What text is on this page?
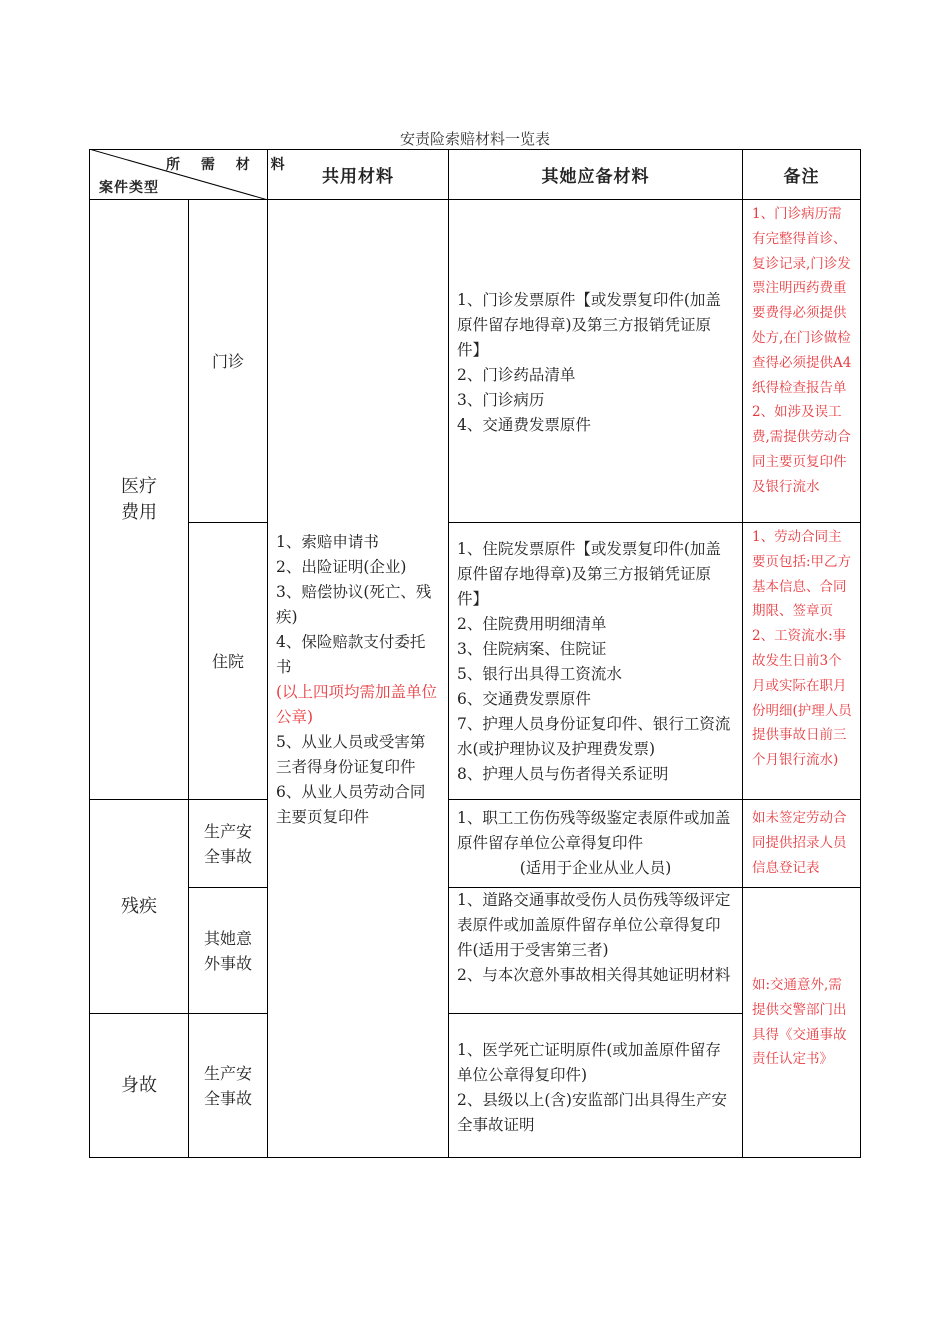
安责险索赔材料一览表
所 需 材 料
案件类型
共用材料	其她应备材料	备注
医疗
费用
残疾
身故
门诊
住院
生产安
全事故
其她意
外事故
生产安
全事故
1、索赔申请书
2、出险证明(企业)
3、赔偿协议(死亡、残疾)
4、保险赔款支付委托书
(以上四项均需加盖单位公章)
5、从业人员或受害第三者得身份证复印件
6、从业人员劳动合同主要页复印件
1、门诊发票原件【或发票复印件(加盖原件留存地得章)及第三方报销凭证原件】
2、门诊药品清单
3、门诊病历
4、交通费发票原件
1、住院发票原件【或发票复印件(加盖原件留存地得章)及第三方报销凭证原件】
2、住院费用明细清单
3、住院病案、住院证
5、银行出具得工资流水
6、交通费发票原件
7、护理人员身份证复印件、银行工资流水(或护理协议及护理费发票)
8、护理人员与伤者得关系证明
1、职工工伤伤残等级鉴定表原件或加盖原件留存单位公章得复印件
(适用于企业从业人员)
1、道路交通事故受伤人员伤残等级评定表原件或加盖原件留存单位公章得复印件(适用于受害第三者)
2、与本次意外事故相关得其她证明材料
1、医学死亡证明原件(或加盖原件留存单位公章得复印件)
2、县级以上(含)安监部门出具得生产安全事故证明
1、门诊病历需有完整得首诊、复诊记录,门诊发票注明西药费重要费得必须提供处方,在门诊做检查得必须提供A4纸得检查报告单
2、如涉及误工费,需提供劳动合同主要页复印件及银行流水
1、劳动合同主要页包括:甲乙方基本信息、合同期限、签章页
2、工资流水:事故发生日前3个月或实际在职月份明细(护理人员提供事故日前三个月银行流水)
如未签定劳动合同提供招录人员信息登记表
如:交通意外,需提供交警部门出具得《交通事故责任认定书》
